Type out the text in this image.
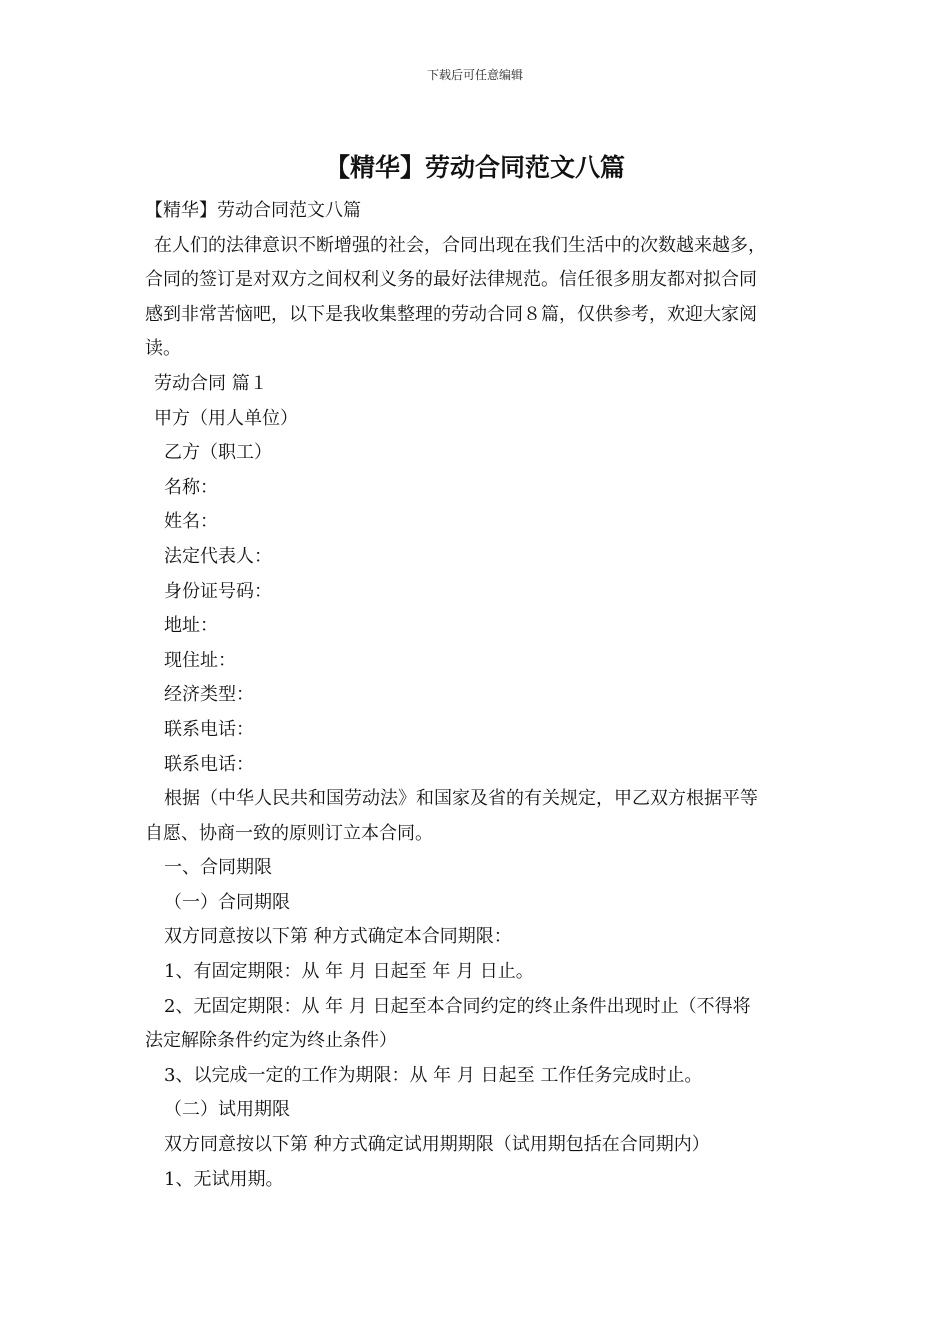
下载后可任意编辑
【精华】劳动合同范文八篇
【精华】劳动合同范文八篇
在人们的法律意识不断增强的社会，合同出现在我们生活中的次数越来越多，
合同的签订是对双方之间权利义务的最好法律规范。信任很多朋友都对拟合同
感到非常苦恼吧，以下是我收集整理的劳动合同８篇，仅供参考，欢迎大家阅
读。
劳动合同 篇１
甲方（用人单位）
乙方（职工）
名称：
姓名：
法定代表人：
身份证号码：
地址：
现住址：
经济类型：
联系电话：
联系电话：
根据（中华人民共和国劳动法》和国家及省的有关规定，甲乙双方根据平等
自愿、协商一致的原则订立本合同。
一、合同期限
（一）合同期限
双方同意按以下第 种方式确定本合同期限：
1、有固定期限：从 年 月 日起至 年 月 日止。
2、无固定期限：从 年 月 日起至本合同约定的终止条件出现时止（不得将
法定解除条件约定为终止条件）
3、以完成一定的工作为期限：从 年 月 日起至 工作任务完成时止。
（二）试用期限
双方同意按以下第 种方式确定试用期期限（试用期包括在合同期内）
1、无试用期。
